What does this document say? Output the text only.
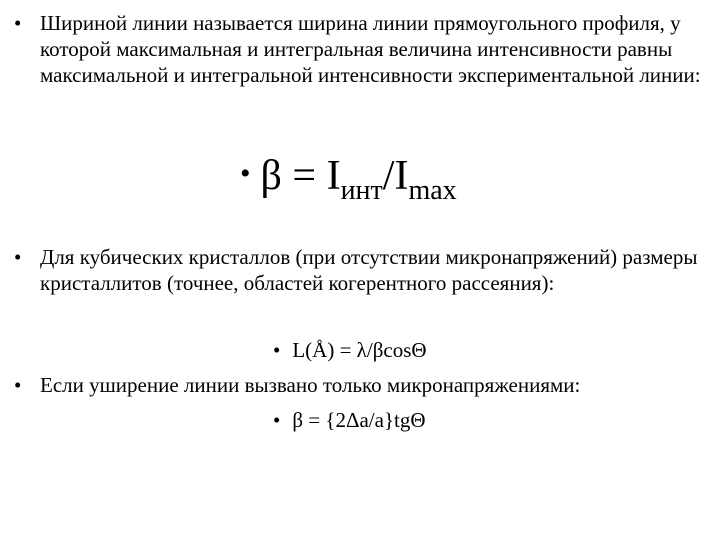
• Шириной линии называется ширина линии прямоугольного профиля, у которой максимальная и интегральная величина интенсивности равны максимальной и интегральной интенсивности экспериментальной линии:
• $\beta = I_{инт}/I_{max}$
• Для кубических кристаллов (при отсутствии микронапряжений) размеры кристаллитов (точнее, областей когерентного рассеяния):
• L(Å) = λ/βcosΘ
• Если уширение линии вызвано только микронапряжениями:
• β = {2Δa/a}tgΘ
